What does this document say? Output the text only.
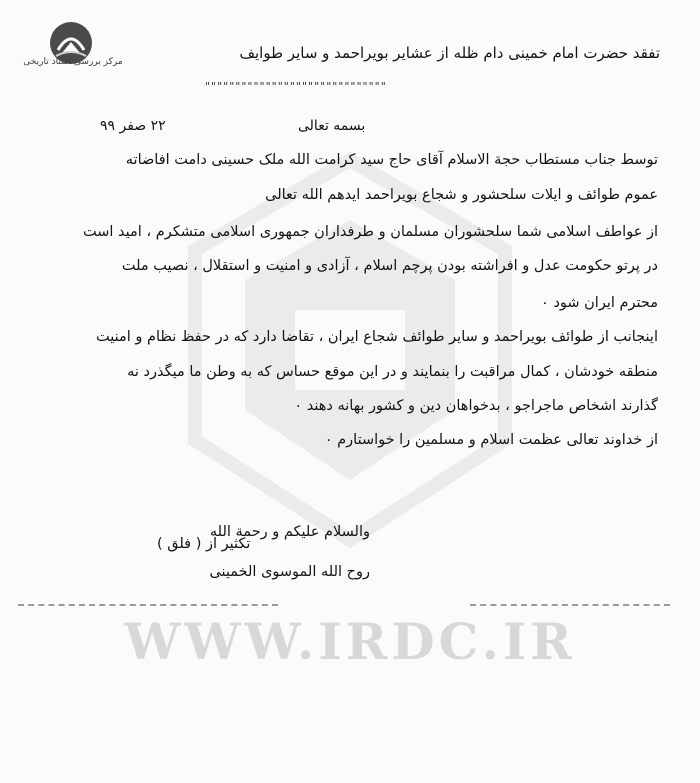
WWW.IRDC.IR
مرکز بررسی اسناد تاریخی	تفقد حضرت امام خمینی دام ظله از عشایر بویراحمد و سایر طوایف
""""""""""""""""""""""""""""""
بسمه تعالی
۲۲ صفر ۹۹
توسط جناب مستطاب حجة الاسلام آقای حاج سید کرامت الله ملک حسینی دامت افاضاته
عموم طوائف و ایلات سلحشور و شجاع بویراحمد ایدهم الله تعالی
از عواطف اسلامی شما سلحشوران مسلمان و طرفداران جمهوری اسلامی متشکرم ، امید است
در پرتو حکومت عدل و افراشته بودن پرچم اسلام ، آزادی و امنیت و استقلال ، نصیب ملت
محترم ایران شود ٠
اینجانب از طوائف بویراحمد و سایر طوائف شجاع ایران ، تقاضا دارد که در حفظ نظام و امنیت
منطقه خودشان ، کمال مراقبت را بنمایند و در این موقع حساس که به وطن ما میگذرد نه
گذارند اشخاص ماجراجو ، بدخواهان دین و کشور بهانه دهند ٠
از خداوند تعالی عظمت اسلام و مسلمین را خواستارم ٠
والسلام علیکم و رحمة الله
روح الله الموسوی الخمینی
تکثیر از ( فلق )
